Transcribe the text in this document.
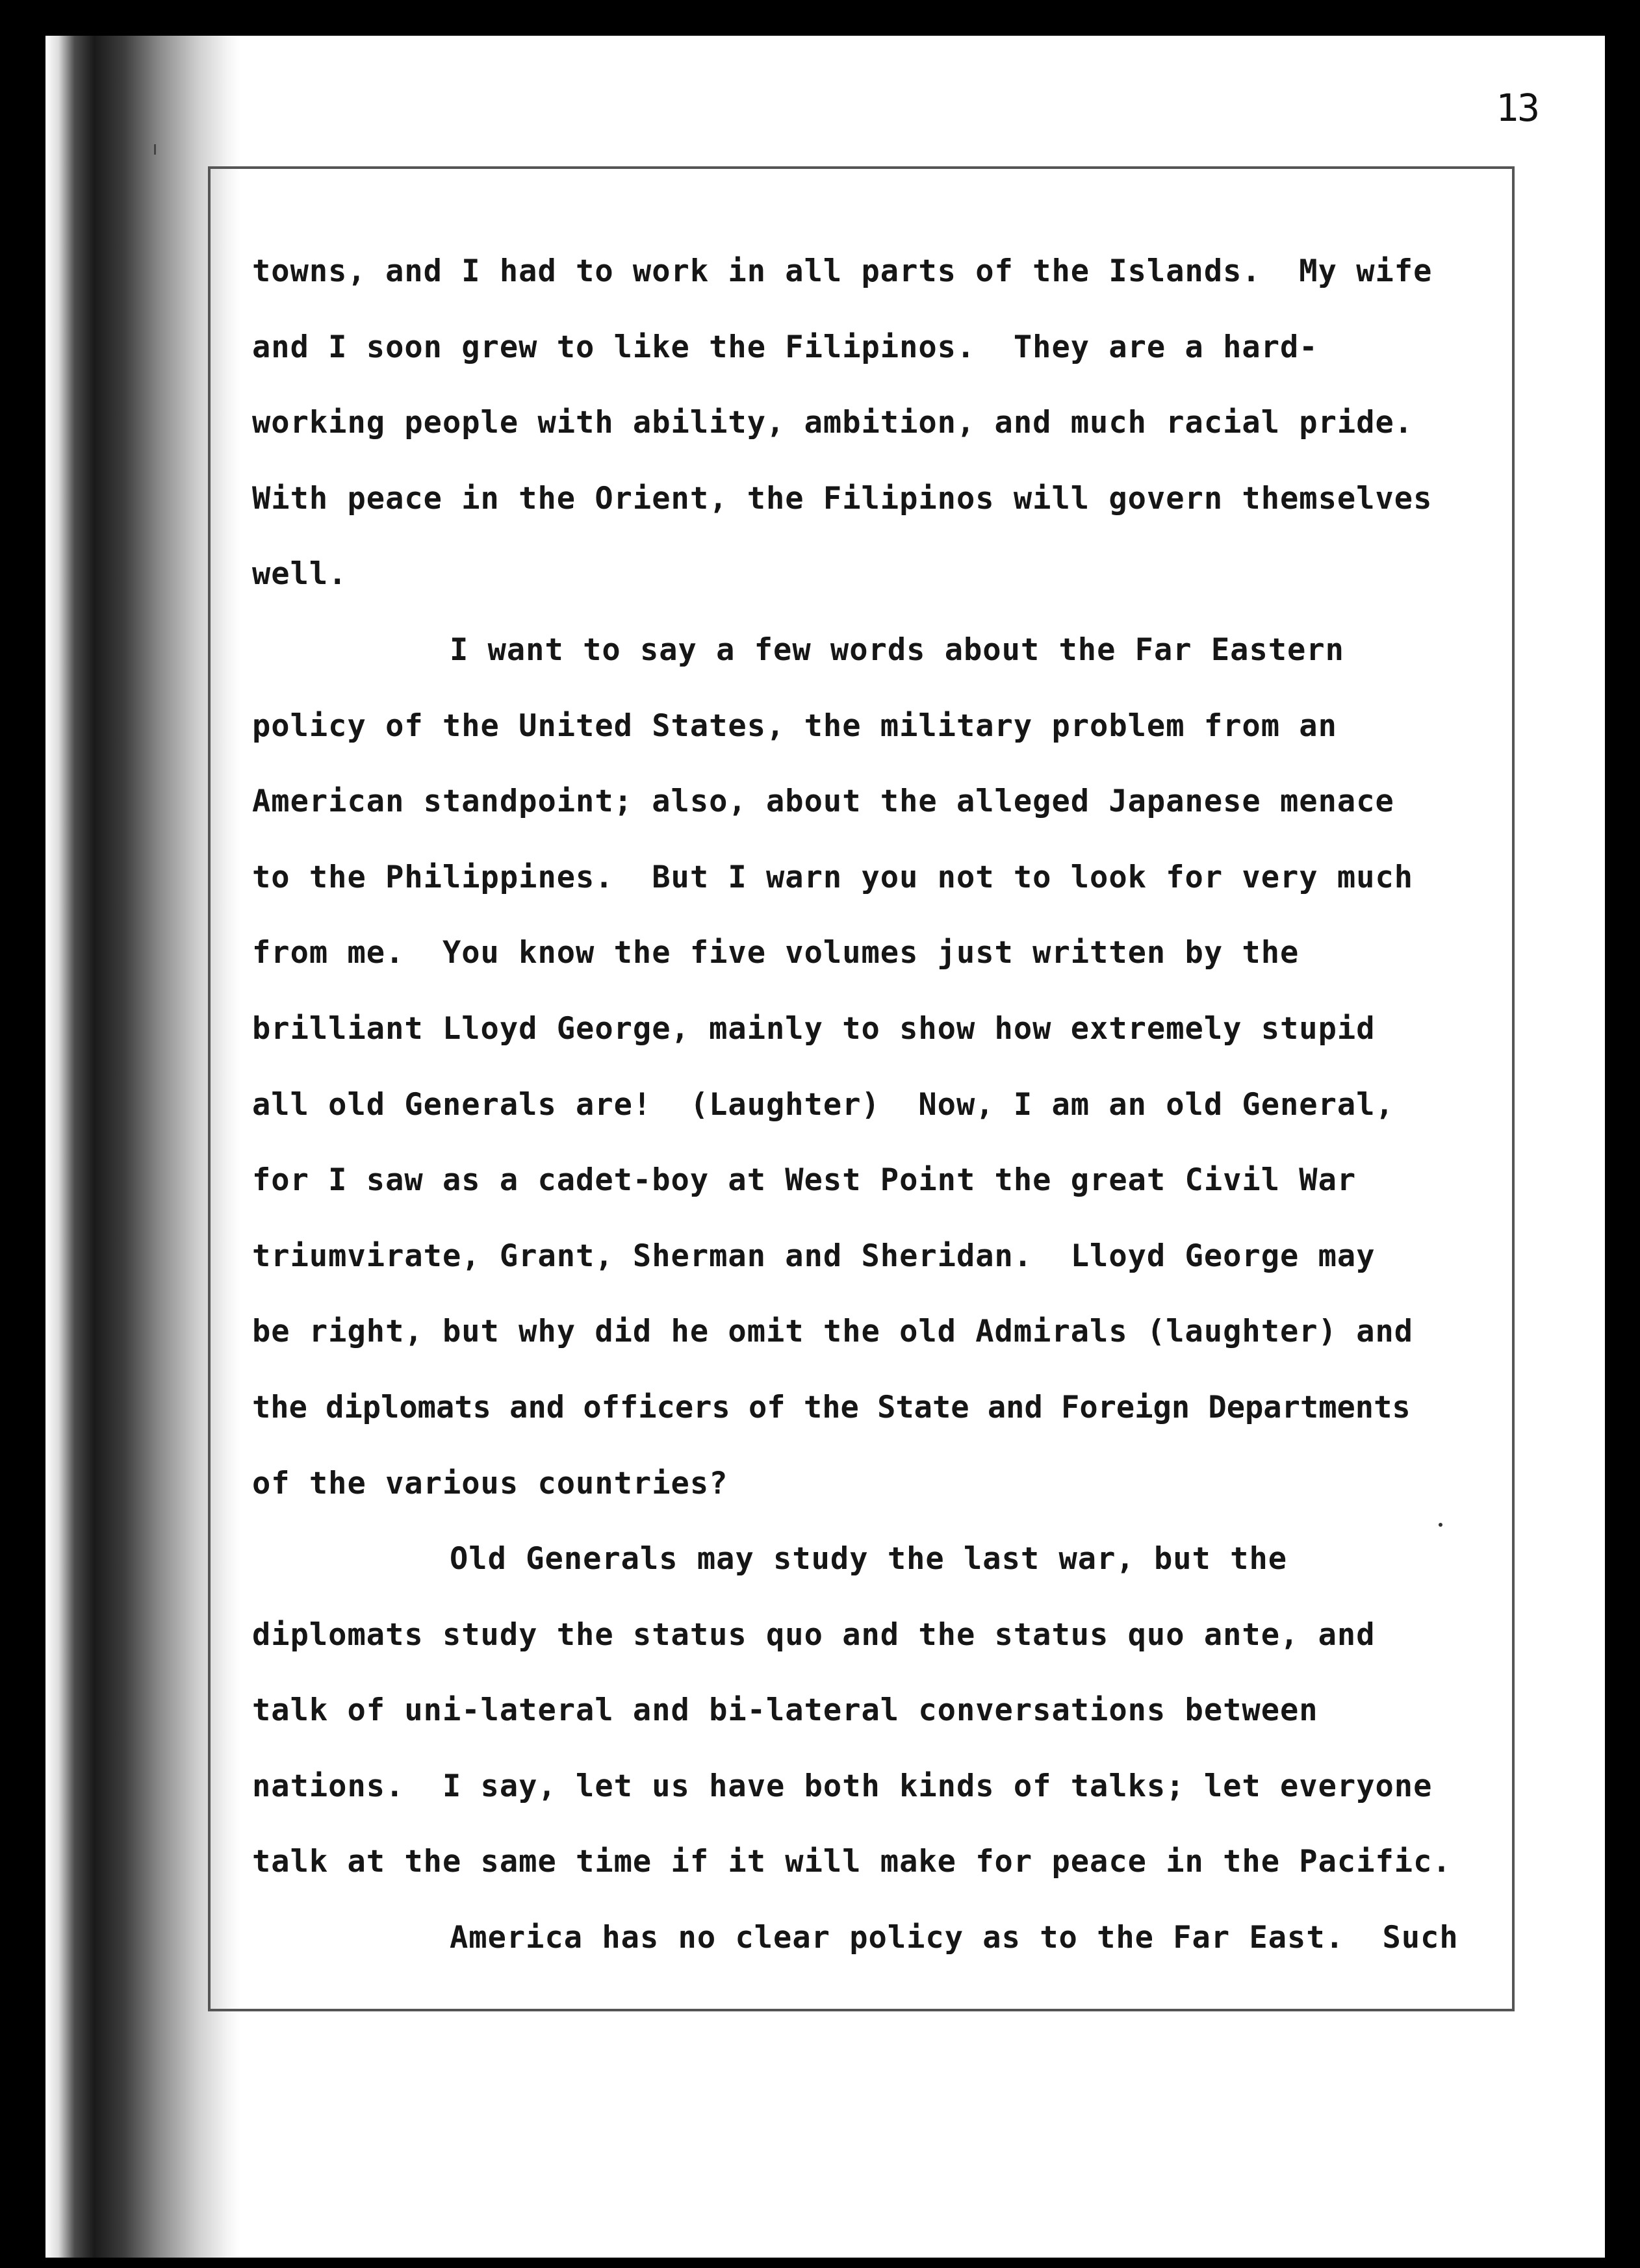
13
towns, and I had to work in all parts of the Islands.  My wife
and I soon grew to like the Filipinos.  They are a hard-
working people with ability, ambition, and much racial pride.
With peace in the Orient, the Filipinos will govern themselves
well.
I want to say a few words about the Far Eastern
policy of the United States, the military problem from an
American standpoint; also, about the alleged Japanese menace
to the Philippines.  But I warn you not to look for very much
from me.  You know the five volumes just written by the
brilliant Lloyd George, mainly to show how extremely stupid
all old Generals are!  (Laughter)  Now, I am an old General,
for I saw as a cadet-boy at West Point the great Civil War
triumvirate, Grant, Sherman and Sheridan.  Lloyd George may
be right, but why did he omit the old Admirals (laughter) and
the diplomats and officers of the State and Foreign Departments
of the various countries?
Old Generals may study the last war, but the
diplomats study the status quo and the status quo ante, and
talk of uni-lateral and bi-lateral conversations between
nations.  I say, let us have both kinds of talks; let everyone
talk at the same time if it will make for peace in the Pacific.
America has no clear policy as to the Far East.  Such
